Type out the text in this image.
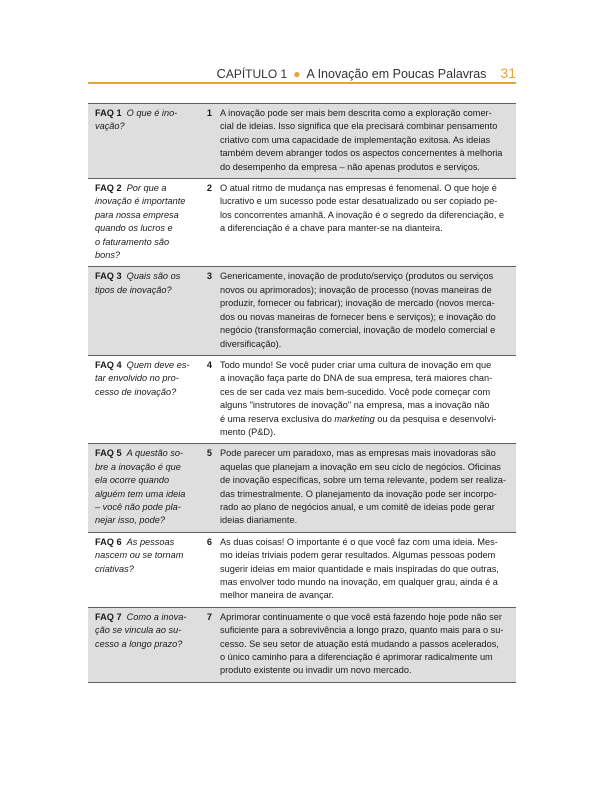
CAPÍTULO 1 ● A Inovação em Poucas Palavras 31
FAQ 1 O que é ino-
vação?
1 A inovação pode ser mais bem descrita como a exploração comer-
cial de ideias. Isso significa que ela precisará combinar pensamento
criativo com uma capacidade de implementação exitosa. As ideias
também devem abranger todos os aspectos concernentes à melhoria
do desempenho da empresa – não apenas produtos e serviços.
FAQ 2 Por que a
inovação é importante
para nossa empresa
quando os lucros e
o faturamento são
bons?
2 O atual ritmo de mudança nas empresas é fenomenal. O que hoje é
lucrativo e um sucesso pode estar desatualizado ou ser copiado pe-
los concorrentes amanhã. A inovação é o segredo da diferenciação, e
a diferenciação é a chave para manter-se na dianteira.
FAQ 3 Quais são os
tipos de inovação?
3 Genericamente, inovação de produto/serviço (produtos ou serviços
novos ou aprimorados); inovação de processo (novas maneiras de
produzir, fornecer ou fabricar); inovação de mercado (novos merca-
dos ou novas maneiras de fornecer bens e serviços); e inovação do
negócio (transformação comercial, inovação de modelo comercial e
diversificação).
FAQ 4 Quem deve es-
tar envolvido no pro-
cesso de inovação?
4 Todo mundo! Se você puder criar uma cultura de inovação em que
a inovação faça parte do DNA de sua empresa, terá maiores chan-
ces de ser cada vez mais bem-sucedido. Você pode começar com
alguns "instrutores de inovação" na empresa, mas a inovação não
é uma reserva exclusiva do marketing ou da pesquisa e desenvolvi-
mento (P&D).
FAQ 5 A questão so-
bre a inovação é que
ela ocorre quando
alguém tem uma ideia
– você não pode pla-
nejar isso, pode?
5 Pode parecer um paradoxo, mas as empresas mais inovadoras são
aquelas que planejam a inovação em seu ciclo de negócios. Oficinas
de inovação específicas, sobre um tema relevante, podem ser realiza-
das trimestralmente. O planejamento da inovação pode ser incorpo-
rado ao plano de negócios anual, e um comitê de ideias pode gerar
ideias diariamente.
FAQ 6 As pessoas
nascem ou se tornam
criativas?
6 As duas coisas! O importante é o que você faz com uma ideia. Mes-
mo ideias triviais podem gerar resultados. Algumas pessoas podem
sugerir ideias em maior quantidade e mais inspiradas do que outras,
mas envolver todo mundo na inovação, em qualquer grau, ainda é a
melhor maneira de avançar.
FAQ 7 Como a inova-
ção se vincula ao su-
cesso a longo prazo?
7 Aprimorar continuamente o que você está fazendo hoje pode não ser
suficiente para a sobrevivência a longo prazo, quanto mais para o su-
cesso. Se seu setor de atuação está mudando a passos acelerados,
o único caminho para a diferenciação é aprimorar radicalmente um
produto existente ou invadir um novo mercado.
